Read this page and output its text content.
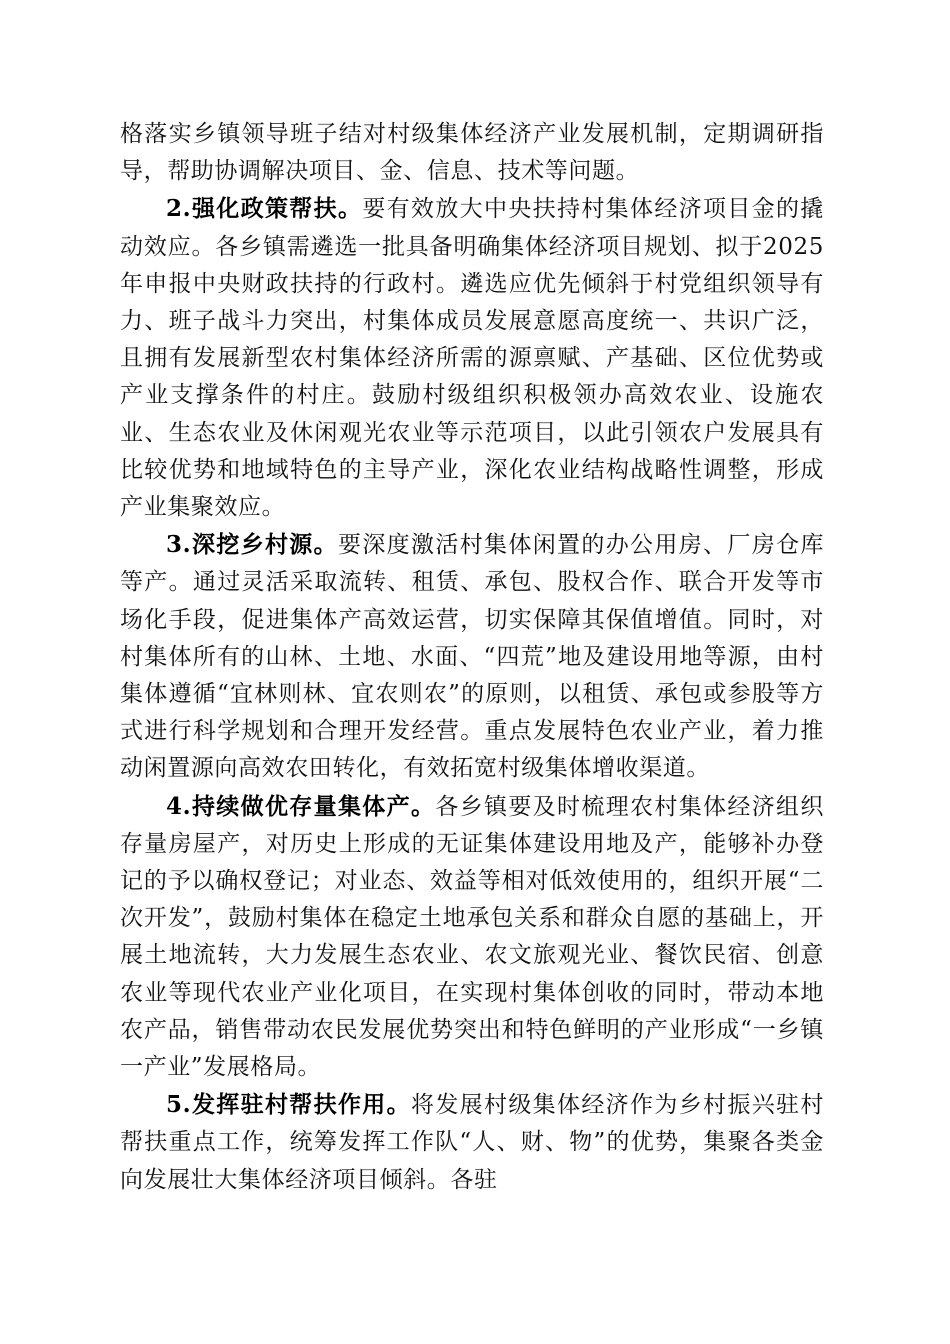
格落实乡镇领导班子结对村级集体经济产业发展机制，定期调研指导，帮助协调解决项目、金、信息、技术等问题。

2.强化政策帮扶。要有效放大中央扶持村集体经济项目金的撬动效应。各乡镇需遴选一批具备明确集体经济项目规划、拟于2025年申报中央财政扶持的行政村。遴选应优先倾斜于村党组织领导有力、班子战斗力突出，村集体成员发展意愿高度统一、共识广泛，且拥有发展新型农村集体经济所需的源禀赋、产基础、区位优势或产业支撑条件的村庄。鼓励村级组织积极领办高效农业、设施农业、生态农业及休闲观光农业等示范项目，以此引领农户发展具有比较优势和地域特色的主导产业，深化农业结构战略性调整，形成产业集聚效应。

3.深挖乡村源。要深度激活村集体闲置的办公用房、厂房仓库等产。通过灵活采取流转、租赁、承包、股权合作、联合开发等市场化手段，促进集体产高效运营，切实保障其保值增值。同时，对村集体所有的山林、土地、水面、“四荒”地及建设用地等源，由村集体遵循“宜林则林、宜农则农”的原则，以租赁、承包或参股等方式进行科学规划和合理开发经营。重点发展特色农业产业，着力推动闲置源向高效农田转化，有效拓宽村级集体增收渠道。

4.持续做优存量集体产。各乡镇要及时梳理农村集体经济组织存量房屋产，对历史上形成的无证集体建设用地及产，能够补办登记的予以确权登记；对业态、效益等相对低效使用的，组织开展“二次开发”，鼓励村集体在稳定土地承包关系和群众自愿的基础上，开展土地流转，大力发展生态农业、农文旅观光业、餐饮民宿、创意农业等现代农业产业化项目，在实现村集体创收的同时，带动本地农产品，销售带动农民发展优势突出和特色鲜明的产业形成“一乡镇一产业”发展格局。

5.发挥驻村帮扶作用。将发展村级集体经济作为乡村振兴驻村帮扶重点工作，统筹发挥工作队“人、财、物”的优势，集聚各类金向发展壮大集体经济项目倾斜。各驻
